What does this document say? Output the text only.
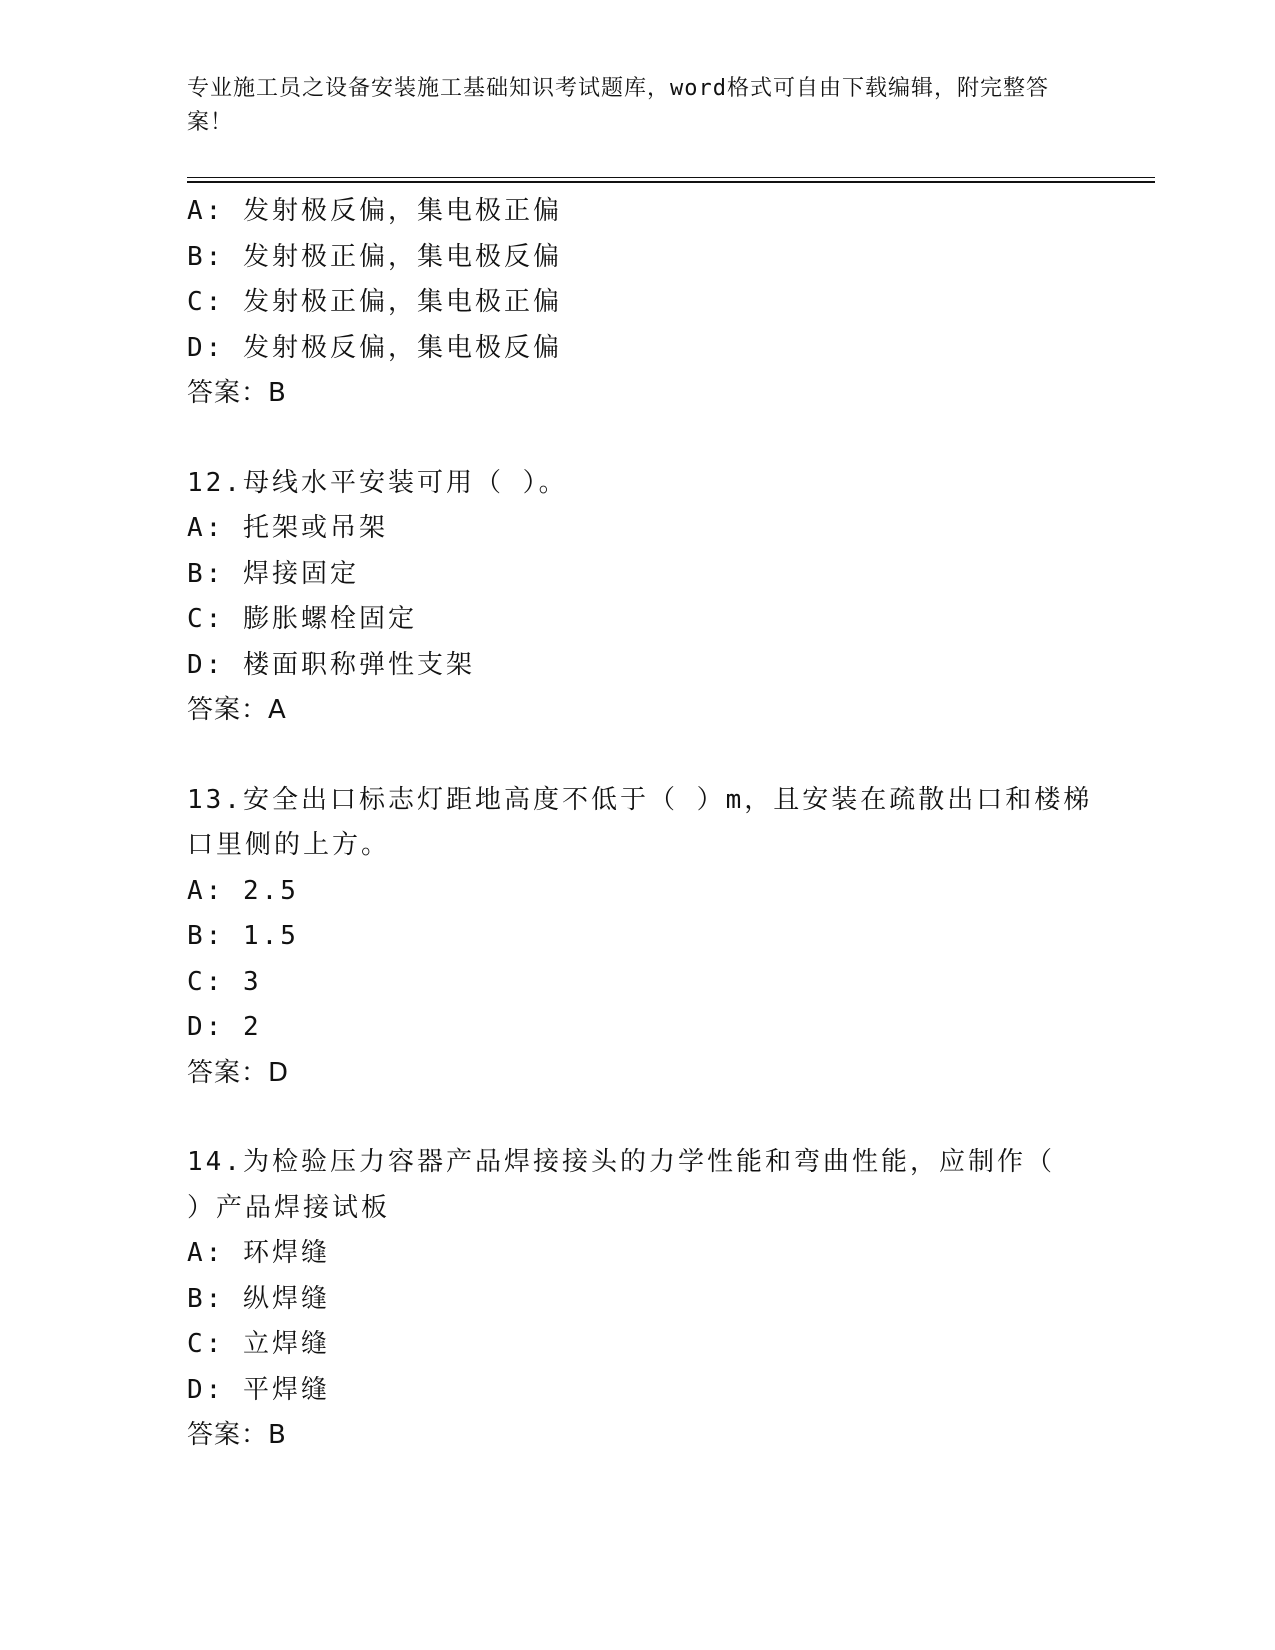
专业施工员之设备安装施工基础知识考试题库，word格式可自由下载编辑，附完整答案！
A: 发射极反偏，集电极正偏
B: 发射极正偏，集电极反偏
C: 发射极正偏，集电极正偏
D: 发射极反偏，集电极反偏
答案：B
12.母线水平安装可用（ ）。
A: 托架或吊架
B: 焊接固定
C: 膨胀螺栓固定
D: 楼面职称弹性支架
答案：A
13.安全出口标志灯距地高度不低于（ ）m，且安装在疏散出口和楼梯
口里侧的上方。
A: 2.5
B: 1.5
C: 3
D: 2
答案：D
14.为检验压力容器产品焊接接头的力学性能和弯曲性能，应制作（
）产品焊接试板
A: 环焊缝
B: 纵焊缝
C: 立焊缝
D: 平焊缝
答案：B
